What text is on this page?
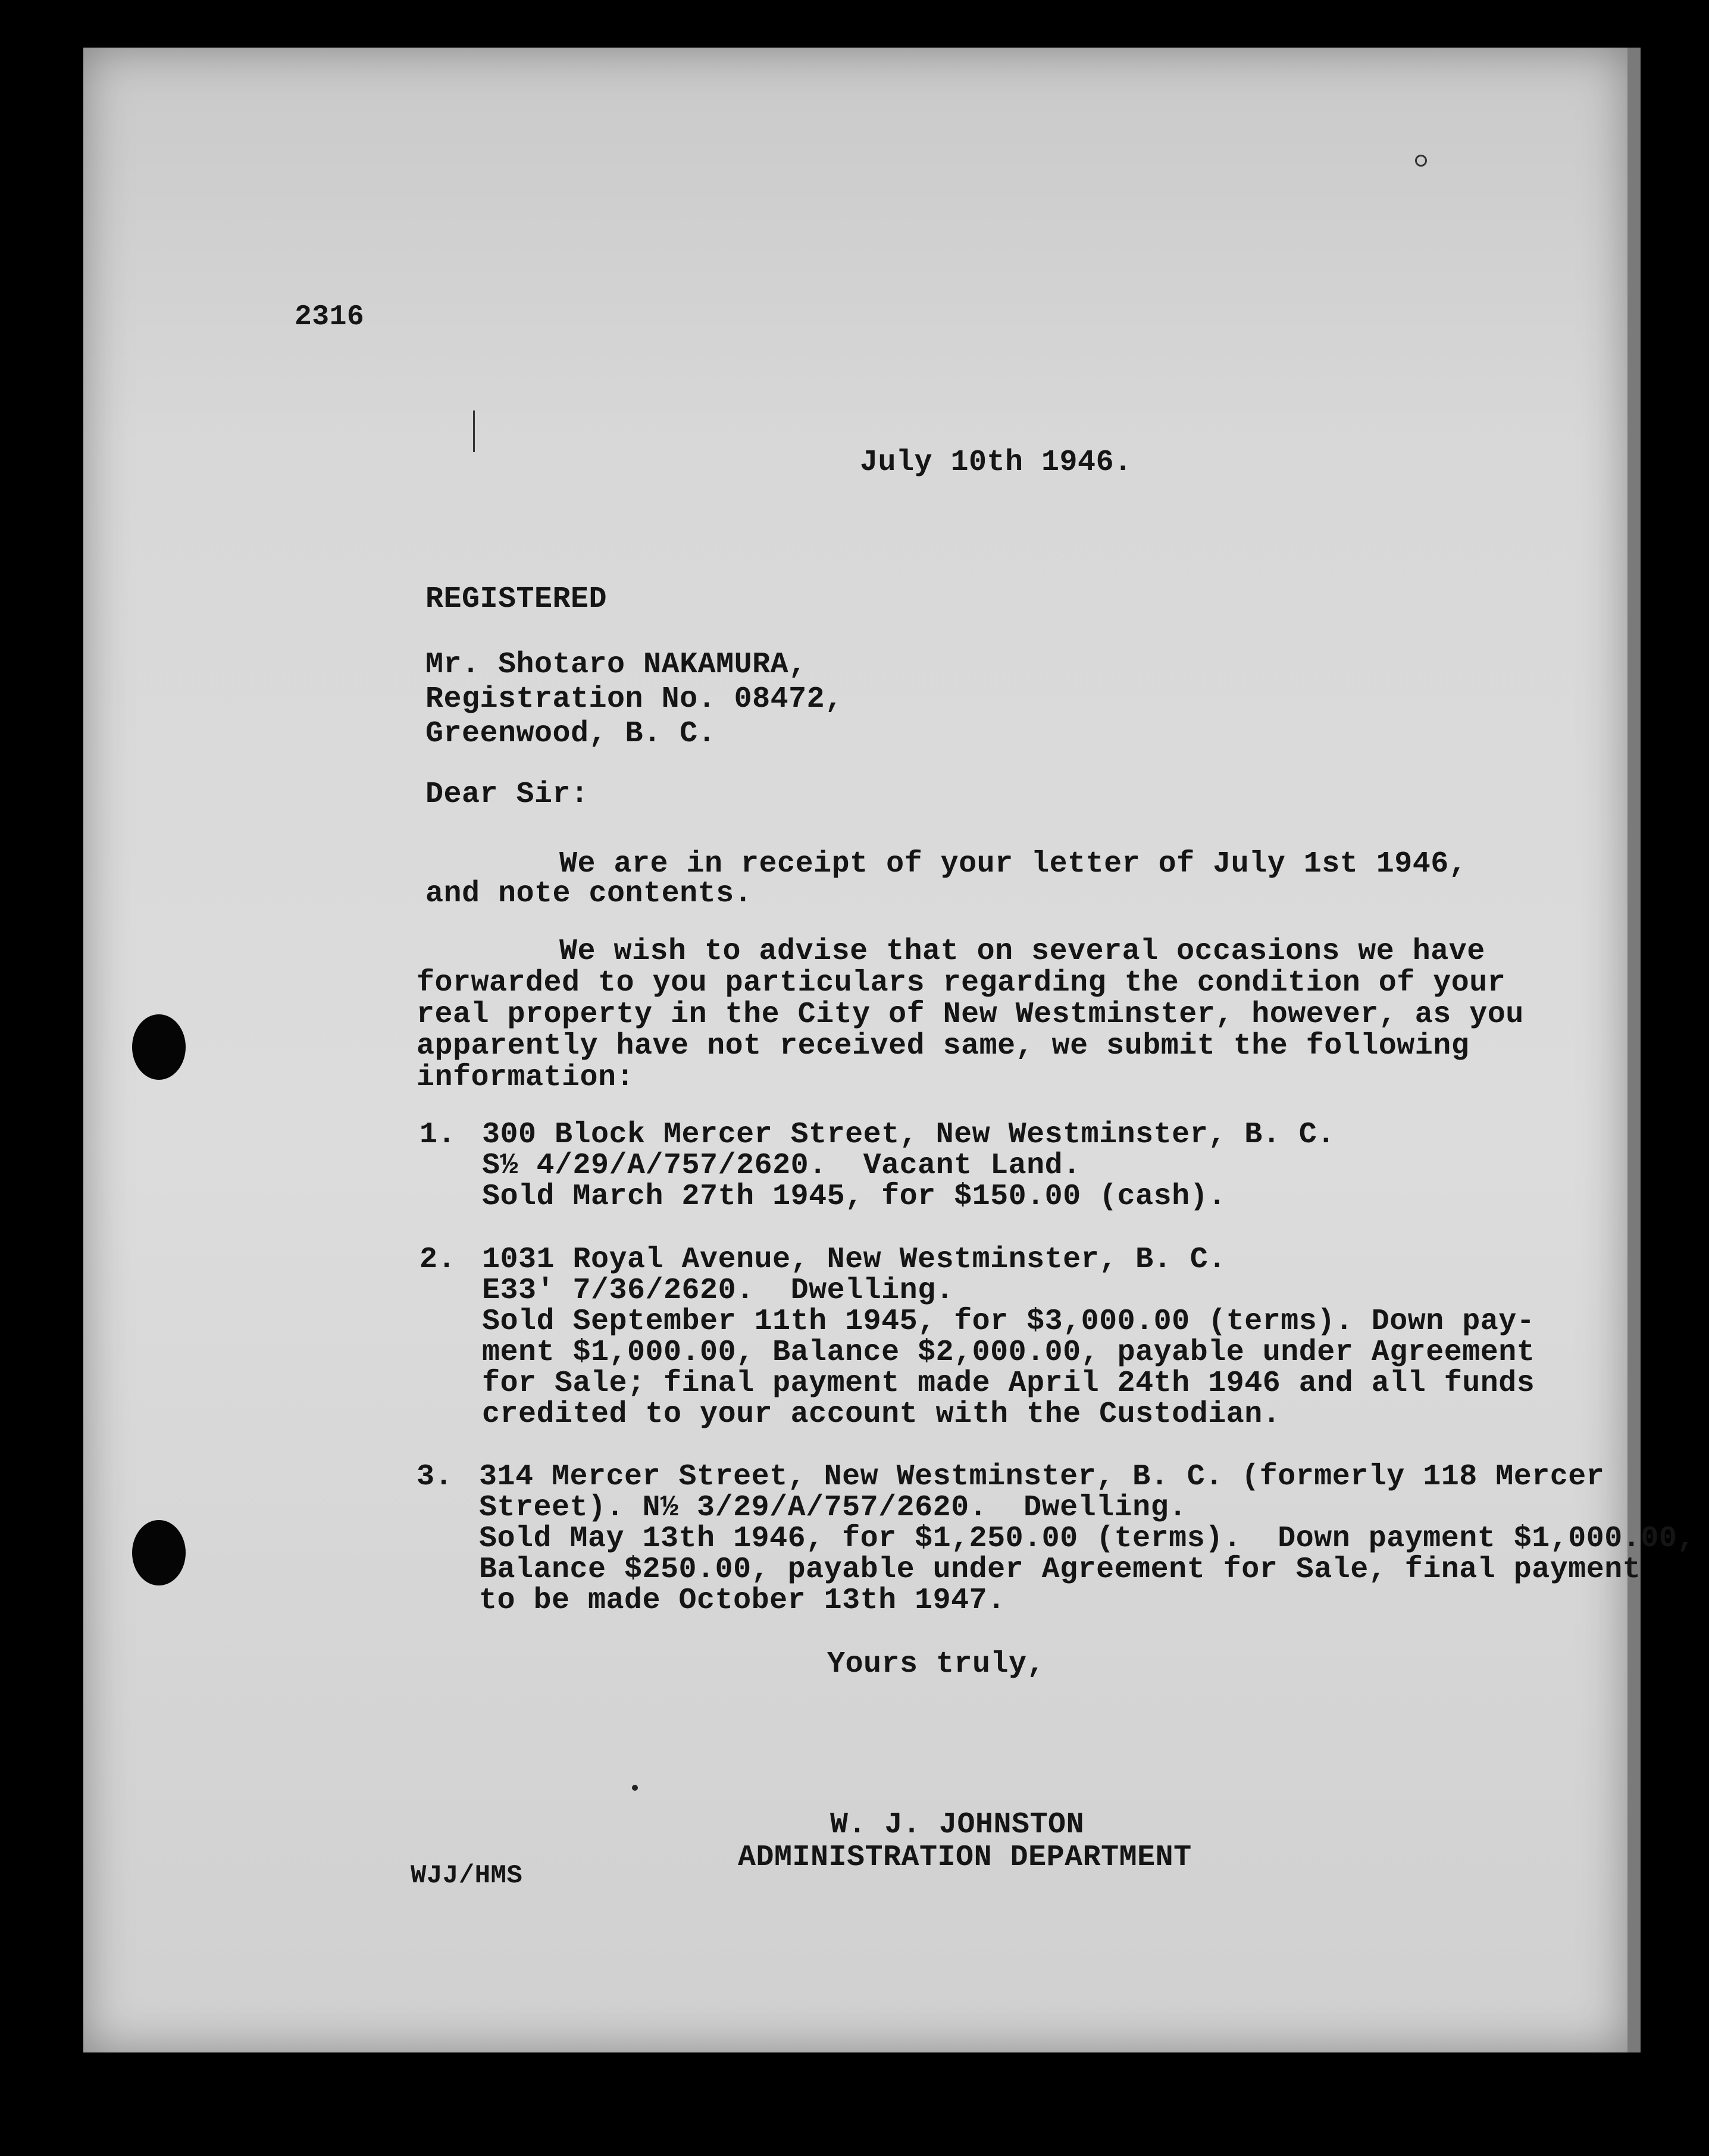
2316
July 10th 1946.
REGISTERED
Mr. Shotaro NAKAMURA,
Registration No. 08472,
Greenwood, B. C.
Dear Sir:
We are in receipt of your letter of July 1st 1946,
and note contents.
We wish to advise that on several occasions we have
forwarded to you particulars regarding the condition of your
real property in the City of New Westminster, however, as you
apparently have not received same, we submit the following
information:
1. 300 Block Mercer Street, New Westminster, B. C.
S½ 4/29/A/757/2620.  Vacant Land.
Sold March 27th 1945, for $150.00 (cash).
2. 1031 Royal Avenue, New Westminster, B. C.
E33' 7/36/2620.  Dwelling.
Sold September 11th 1945, for $3,000.00 (terms). Down pay-
ment $1,000.00, Balance $2,000.00, payable under Agreement
for Sale; final payment made April 24th 1946 and all funds
credited to your account with the Custodian.
3. 314 Mercer Street, New Westminster, B. C. (formerly 118 Mercer
Street). N½ 3/29/A/757/2620.  Dwelling.
Sold May 13th 1946, for $1,250.00 (terms).  Down payment $1,000.00,
Balance $250.00, payable under Agreement for Sale, final payment
to be made October 13th 1947.
Yours truly,
W. J. JOHNSTON
ADMINISTRATION DEPARTMENT
WJJ/HMS
